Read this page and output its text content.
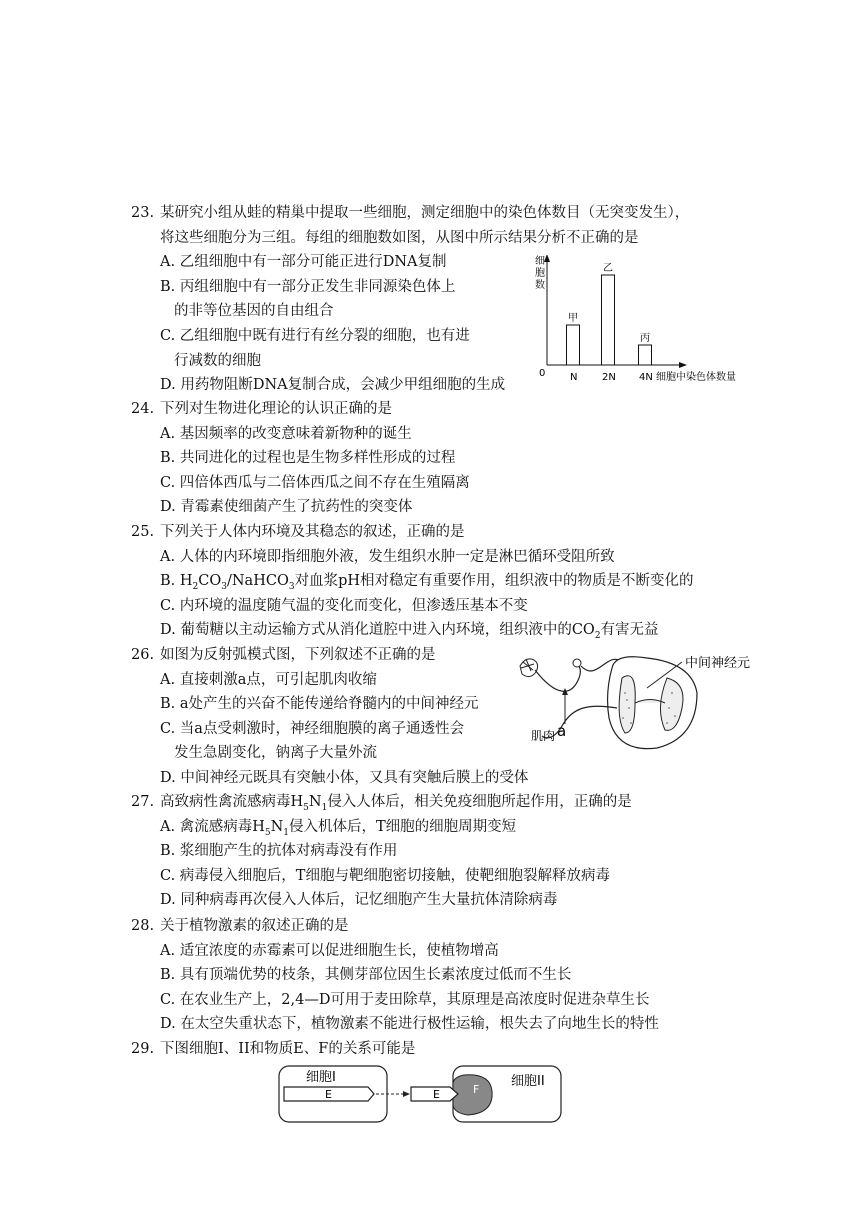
23. 某研究小组从蛙的精巢中提取一些细胞，测定细胞中的染色体数目（无突变发生），
将这些细胞分为三组。每组的细胞数如图，从图中所示结果分析不正确的是
A. 乙组细胞中有一部分可能正进行DNA复制
B. 丙组细胞中有一部分正发生非同源染色体上
的非等位基因的自由组合
C. 乙组细胞中既有进行有丝分裂的细胞，也有进
行减数的细胞
D. 用药物阻断DNA复制合成，会减少甲组细胞的生成
细
胞
数
0
甲
N
乙
2N
丙
4N 细胞中染色体数量
24. 下列对生物进化理论的认识正确的是
A. 基因频率的改变意味着新物种的诞生
B. 共同进化的过程也是生物多样性形成的过程
C. 四倍体西瓜与二倍体西瓜之间不存在生殖隔离
D. 青霉素使细菌产生了抗药性的突变体
25. 下列关于人体内环境及其稳态的叙述，正确的是
A. 人体的内环境即指细胞外液，发生组织水肿一定是淋巴循环受阻所致
B. $H_2CO_3/NaHCO_3$对血浆pH相对稳定有重要作用，组织液中的物质是不断变化的
C. 内环境的温度随气温的变化而变化，但渗透压基本不变
D. 葡萄糖以主动运输方式从消化道腔中进入内环境，组织液中的$CO_2$有害无益
26. 如图为反射弧模式图，下列叙述不正确的是
A. 直接刺激a点，可引起肌肉收缩
B. a处产生的兴奋不能传递给脊髓内的中间神经元
C. 当a点受刺激时，神经细胞膜的离子通透性会
发生急剧变化，钠离子大量外流
D. 中间神经元既具有突触小体，又具有突触后膜上的受体
中间神经元
a
肌肉
27. 高致病性禽流感病毒$H_5N_1$侵入人体后，相关免疫细胞所起作用，正确的是
A. 禽流感病毒$H_5N_1$侵入机体后，T细胞的细胞周期变短
B. 浆细胞产生的抗体对病毒没有作用
C. 病毒侵入细胞后，T细胞与靶细胞密切接触，使靶细胞裂解释放病毒
D. 同种病毒再次侵入人体后，记忆细胞产生大量抗体清除病毒
28. 关于植物激素的叙述正确的是
A. 适宜浓度的赤霉素可以促进细胞生长，使植物增高
B. 具有顶端优势的枝条，其侧芽部位因生长素浓度过低而不生长
C. 在农业生产上，2,4—D可用于麦田除草，其原理是高浓度时促进杂草生长
D. 在太空失重状态下，植物激素不能进行极性运输，根失去了向地生长的特性
29. 下图细胞I、II和物质E、F的关系可能是
细胞I
E
细胞II
E	F
